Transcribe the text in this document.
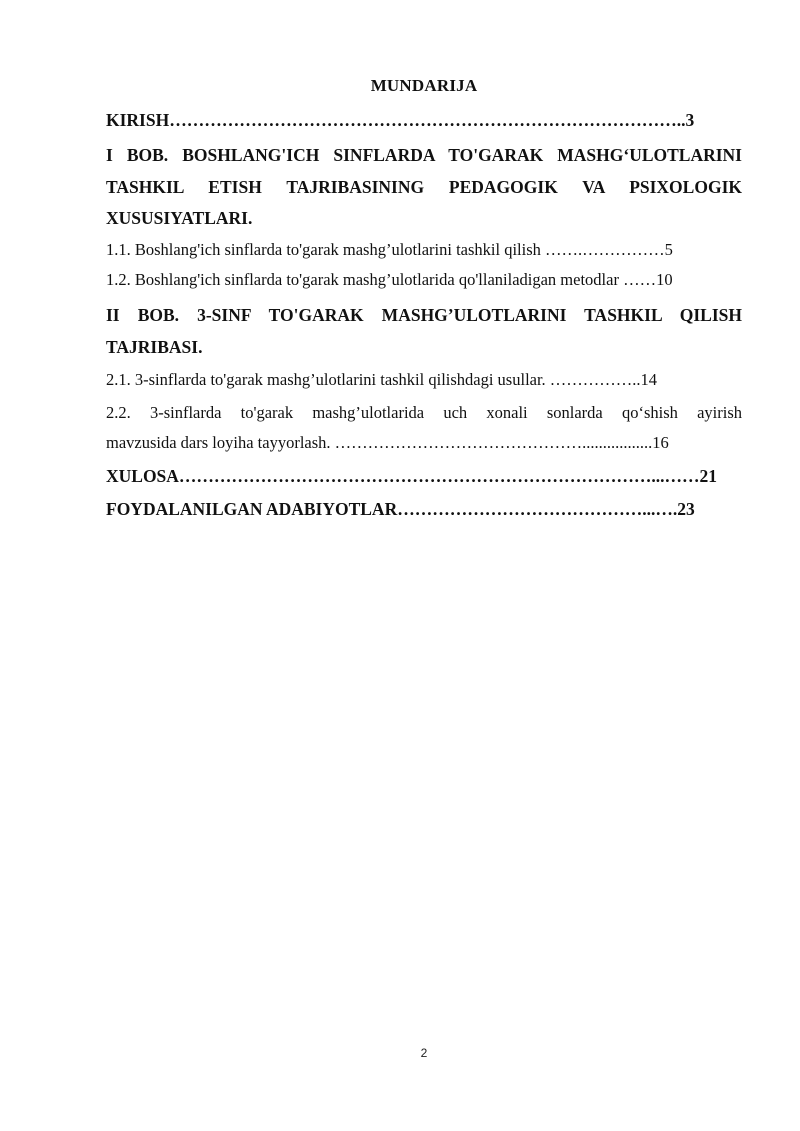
MUNDARIJA
KIRISH……………………………………………………………………………..3
I BOB. BOSHLANG'ICH SINFLARDA TO'GARAK MASHG‘ULOTLARINI
TASHKIL ETISH TAJRIBASINING PEDAGOGIK VA PSIXOLOGIK
XUSUSIYATLARI.
1.1. Boshlang'ich sinflarda to'garak mashg’ulotlarini tashkil qilish …….……………5
1.2. Boshlang'ich sinflarda to'garak mashg’ulotlarida qo'llaniladigan metodlar ……10
II BOB. 3-SINF TO'GARAK MASHG’ULOTLARINI TASHKIL QILISH
TAJRIBASI.
2.1. 3-sinflarda to'garak mashg’ulotlarini tashkil qilishdagi usullar. ……………..14
2.2. 3-sinflarda to'garak mashg’ulotlarida uch xonali sonlarda qo‘shish ayirish
mavzusida dars loyiha tayyorlash. ……………………………………….................16
XULOSA………………………………………………………………………...……21
FOYDALANILGAN ADABIYOTLAR……………………………………...….23
2
